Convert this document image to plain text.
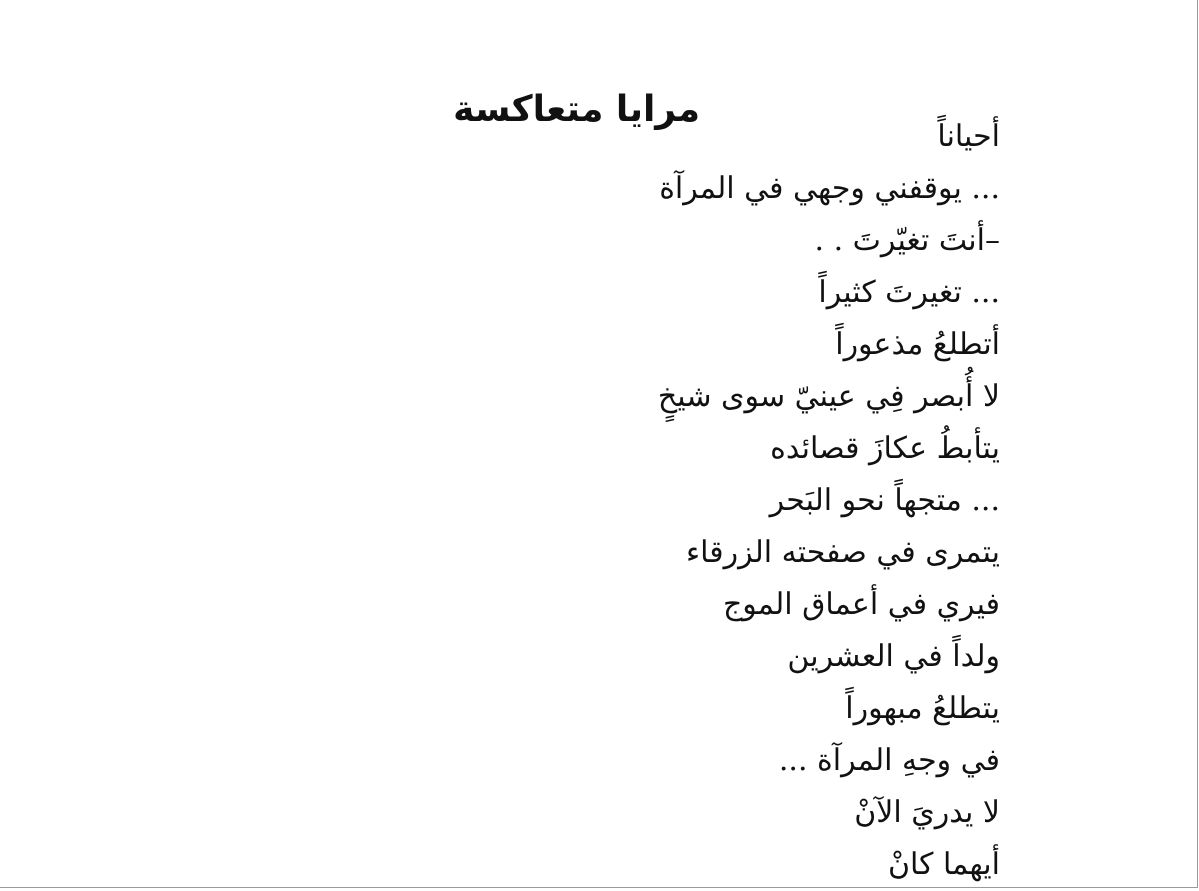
مرايا متعاكسة
أحياناً
... يوقفني وجهي في المرآة
–أنتَ تغيّرتَ . .
... تغيرتَ كثيراً
أتطلعُ مذعوراً
لا أُبصر فِي عينيّ سوى شيخٍ
يتأبطُ عكازَ قصائده
... متجهاً نحو البَحر
يتمرى في صفحته الزرقاء
فيري في أعماق الموج
ولداً في العشرين
يتطلعُ مبهوراً
في وجهِ المرآة ...
لا يدريَ الآنْ
أيهما كانْ
